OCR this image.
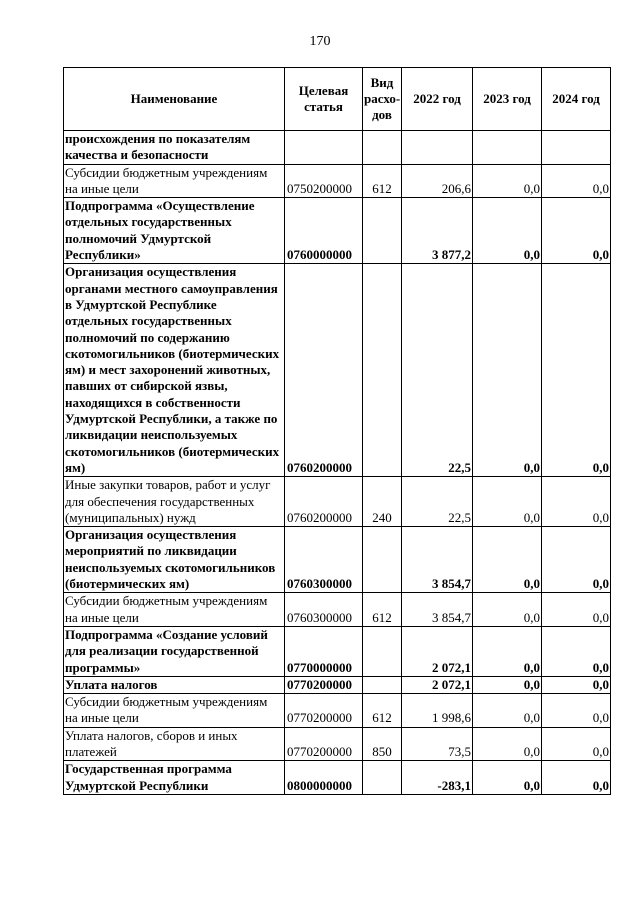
170
Наименование	Целевая статья	Вид расхо-дов	2022 год	2023 год	2024 год
происхождения по показателям качества и безопасности					
Субсидии бюджетным учреждениям на иные цели	0750200000	612	206,6	0,0	0,0
Подпрограмма «Осуществление отдельных государственных полномочий Удмуртской Республики»	0760000000		3 877,2	0,0	0,0
Организация осуществления органами местного самоуправления в Удмуртской Республике отдельных государственных полномочий по содержанию скотомогильников (биотермических ям) и мест захоронений животных, павших от сибирской язвы, находящихся в собственности Удмуртской Республики, а также по ликвидации неиспользуемых скотомогильников (биотермических ям)	0760200000		22,5	0,0	0,0
Иные закупки товаров, работ и услуг для обеспечения государственных (муниципальных) нужд	0760200000	240	22,5	0,0	0,0
Организация осуществления мероприятий по ликвидации неиспользуемых скотомогильников (биотермических ям)	0760300000		3 854,7	0,0	0,0
Субсидии бюджетным учреждениям на иные цели	0760300000	612	3 854,7	0,0	0,0
Подпрограмма «Создание условий для реализации государственной программы»	0770000000		2 072,1	0,0	0,0
Уплата налогов	0770200000		2 072,1	0,0	0,0
Субсидии бюджетным учреждениям на иные цели	0770200000	612	1 998,6	0,0	0,0
Уплата налогов, сборов и иных платежей	0770200000	850	73,5	0,0	0,0
Государственная программа Удмуртской Республики	0800000000		-283,1	0,0	0,0
